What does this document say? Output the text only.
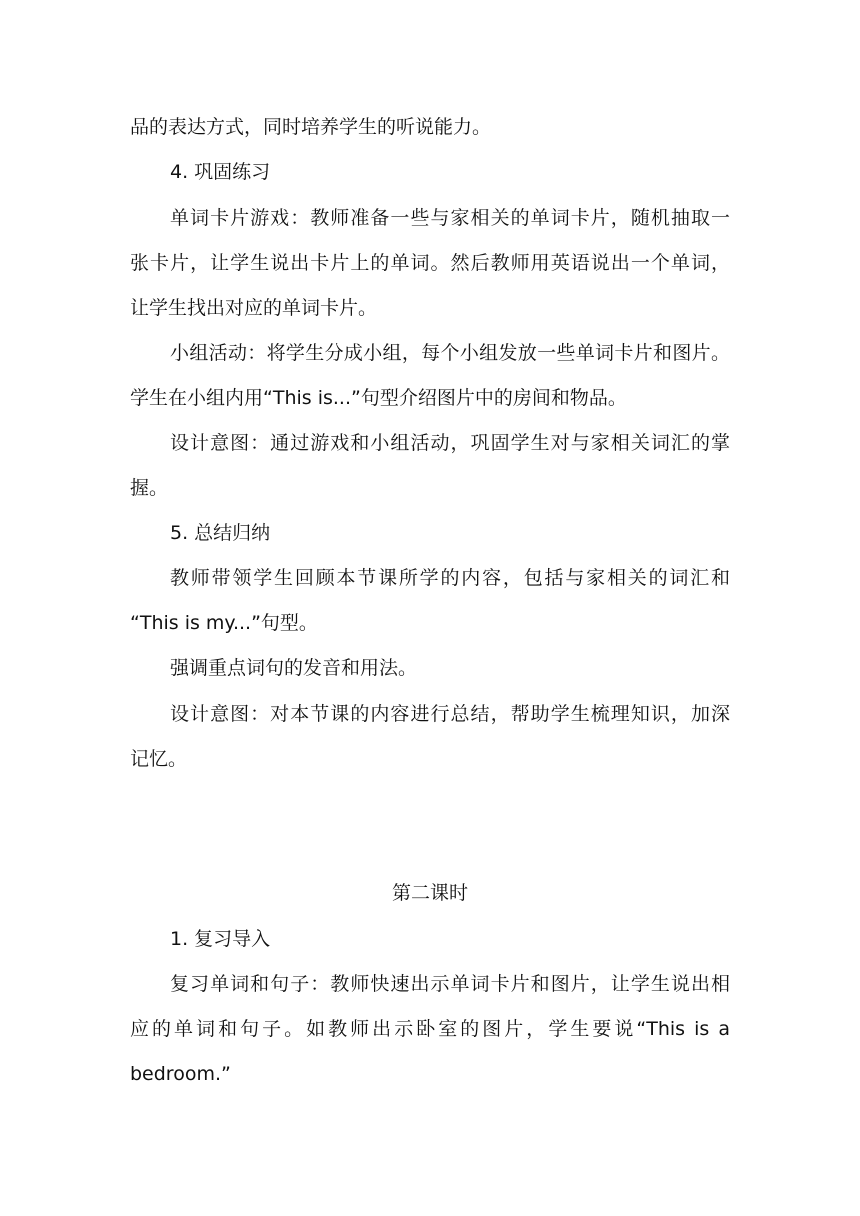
品的表达方式，同时培养学生的听说能力。
4. 巩固练习
单词卡片游戏：教师准备一些与家相关的单词卡片，随机抽取一
张卡片，让学生说出卡片上的单词。然后教师用英语说出一个单词，
让学生找出对应的单词卡片。
小组活动：将学生分成小组，每个小组发放一些单词卡片和图片。
学生在小组内用“This is...”句型介绍图片中的房间和物品。
设计意图：通过游戏和小组活动，巩固学生对与家相关词汇的掌
握。
5. 总结归纳
教师带领学生回顾本节课所学的内容，包括与家相关的词汇和
“This is my...”句型。
强调重点词句的发音和用法。
设计意图：对本节课的内容进行总结，帮助学生梳理知识，加深
记忆。
第二课时
1. 复习导入
复习单词和句子：教师快速出示单词卡片和图片，让学生说出相
应的单词和句子。如教师出示卧室的图片，学生要说“This is a
bedroom.”
